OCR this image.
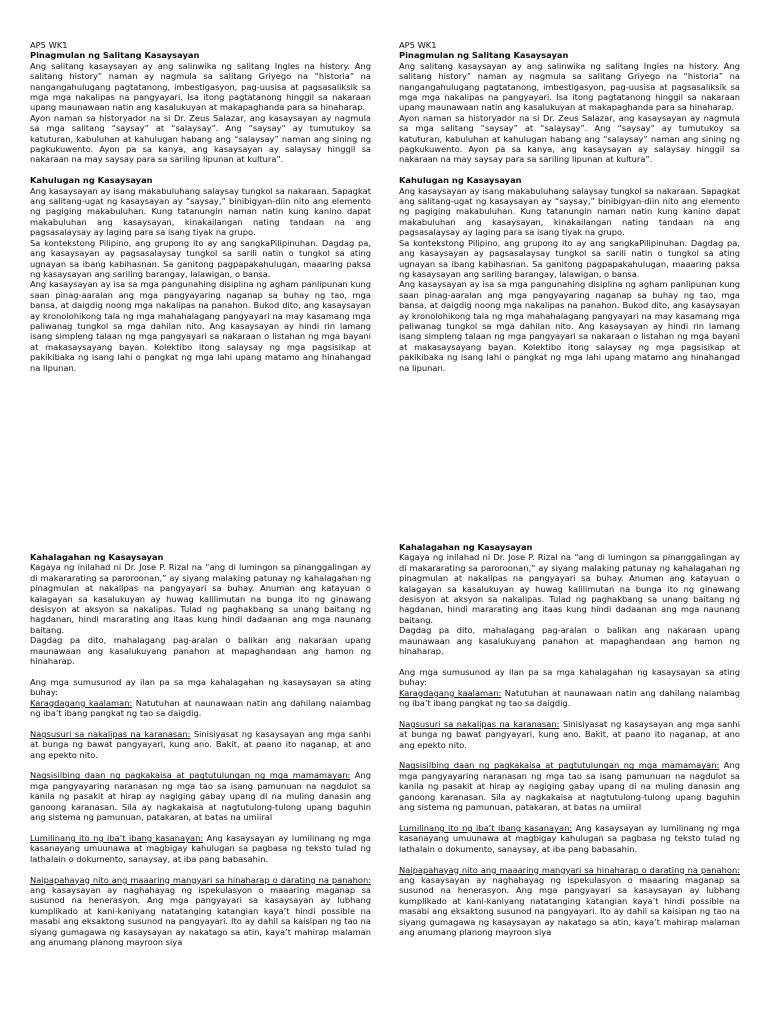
AP5 WK1
Pinagmulan ng Salitang Kasaysayan

Ang salitang kasaysayan ay ang salinwika ng salitang Ingles na history. Ang salitang history” naman ay nagmula sa salitang Griyego na “historia” na nangangahulugang pagtatanong, imbestigasyon, pag-uusisa at pagsasaliksik sa mga mga nakalipas na pangyayari. Isa itong pagtatanong hinggil sa nakaraan upang maunawaan natin ang kasalukuyan at makapaghanda para sa hinaharap.

Ayon naman sa historyador na si Dr. Zeus Salazar, ang kasaysayan ay nagmula sa mga salitang “saysay” at “salaysay”. Ang “saysay” ay tumutukoy sa katuturan, kabuluhan at kahulugan habang ang “salaysay” naman ang sining ng pagkukuwento. Ayon pa sa kanya, ang kasaysayan ay salaysay hinggil sa nakaraan na may saysay para sa sariling lipunan at kultura”.

Kahulugan ng Kasaysayan

Ang kasaysayan ay isang makabuluhang salaysay tungkol sa nakaraan. Sapagkat ang salitang-ugat ng kasaysayan ay “saysay,” binibigyan-diin nito ang elemento ng pagiging makabuluhan. Kung tatanungin naman natin kung kanino dapat makabuluhan ang kasaysayan, kinakailangan nating tandaan na ang pagsasalaysay ay laging para sa isang tiyak na grupo.

Sa kontekstong Pilipino, ang grupong ito ay ang sangkaPilipinuhan. Dagdag pa, ang kasaysayan ay pagsasalaysay tungkol sa sarili natin o tungkol sa ating ugnayan sa ibang kabihasnan. Sa ganitong pagpapakahulugan, maaaring paksa ng kasaysayan ang sariling barangay, lalawigan, o bansa.

Ang kasaysayan ay isa sa mga pangunahing disiplina ng agham panlipunan kung saan pinag-aaralan ang mga pangyayaring naganap sa buhay ng tao, mga bansa, at daigdig noong mga nakalipas na panahon. Bukod dito, ang kasaysayan ay kronolohikong tala ng mga mahahalagang pangyayari na may kasamang mga paliwanag tungkol sa mga dahilan nito. Ang kasaysayan ay hindi rin lamang isang simpleng talaan ng mga pangyayari sa nakaraan o listahan ng mga bayani at makasaysayang bayan. Kolektibo itong salaysay ng mga pagsisikap at pakikibaka ng isang lahi o pangkat ng mga lahi upang matamo ang hinahangad na lipunan.

AP5 WK1
Pinagmulan ng Salitang Kasaysayan

Ang salitang kasaysayan ay ang salinwika ng salitang Ingles na history. Ang salitang history” naman ay nagmula sa salitang Griyego na “historia” na nangangahulugang pagtatanong, imbestigasyon, pag-uusisa at pagsasaliksik sa mga mga nakalipas na pangyayari. Isa itong pagtatanong hinggil sa nakaraan upang maunawaan natin ang kasalukuyan at makapaghanda para sa hinaharap.

Ayon naman sa historyador na si Dr. Zeus Salazar, ang kasaysayan ay nagmula sa mga salitang “saysay” at “salaysay”. Ang “saysay” ay tumutukoy sa katuturan, kabuluhan at kahulugan habang ang “salaysay” naman ang sining ng pagkukuwento. Ayon pa sa kanya, ang kasaysayan ay salaysay hinggil sa nakaraan na may saysay para sa sariling lipunan at kultura”.

Kahulugan ng Kasaysayan

Ang kasaysayan ay isang makabuluhang salaysay tungkol sa nakaraan. Sapagkat ang salitang-ugat ng kasaysayan ay “saysay,” binibigyan-diin nito ang elemento ng pagiging makabuluhan. Kung tatanungin naman natin kung kanino dapat makabuluhan ang kasaysayan, kinakailangan nating tandaan na ang pagsasalaysay ay laging para sa isang tiyak na grupo.

Sa kontekstong Pilipino, ang grupong ito ay ang sangkaPilipinuhan. Dagdag pa, ang kasaysayan ay pagsasalaysay tungkol sa sarili natin o tungkol sa ating ugnayan sa ibang kabihasnan. Sa ganitong pagpapakahulugan, maaaring paksa ng kasaysayan ang sariling barangay, lalawigan, o bansa.

Ang kasaysayan ay isa sa mga pangunahing disiplina ng agham panlipunan kung saan pinag-aaralan ang mga pangyayaring naganap sa buhay ng tao, mga bansa, at daigdig noong mga nakalipas na panahon. Bukod dito, ang kasaysayan ay kronolohikong tala ng mga mahahalagang pangyayari na may kasamang mga paliwanag tungkol sa mga dahilan nito. Ang kasaysayan ay hindi rin lamang isang simpleng talaan ng mga pangyayari sa nakaraan o listahan ng mga bayani at makasaysayang bayan. Kolektibo itong salaysay ng mga pagsisikap at pakikibaka ng isang lahi o pangkat ng mga lahi upang matamo ang hinahangad na lipunan.

Kahalagahan ng Kasaysayan

Kagaya ng inilahad ni Dr. Jose P. Rizal na “ang di lumingon sa pinanggalingan ay di makararating sa paroroonan,” ay siyang malaking patunay ng kahalagahan ng pinagmulan at nakalipas na pangyayari sa buhay. Anuman ang katayuan o kalagayan sa kasalukuyan ay huwag kalilimutan na bunga ito ng ginawang desisyon at aksyon sa nakalipas. Tulad ng paghakbang sa unang baitang ng hagdanan, hindi mararating ang itaas kung hindi dadaanan ang mga naunang baitang.

Dagdag pa dito, mahalagang pag-aralan o balikan ang nakaraan upang maunawaan ang kasalukuyang panahon at mapaghandaan ang hamon ng hinaharap.

Ang mga sumusunod ay ilan pa sa mga kahalagahan ng kasaysayan sa ating buhay:

Karagdagang kaalaman: Natutuhan at naunawaan natin ang dahilang naiambag ng iba’t ibang pangkat ng tao sa daigdig.

Nagsusuri sa nakalipas na karanasan: Sinisiyasat ng kasaysayan ang mga sanhi at bunga ng bawat pangyayari, kung ano. Bakit, at paano ito naganap, at ano ang epekto nito.

Nagsisilbing daan ng pagkakaisa at pagtutulungan ng mga mamamayan: Ang mga pangyayaring naranasan ng mga tao sa isang pamunuan na nagdulot sa kanila ng pasakit at hirap ay nagiging gabay upang di na muling danasin ang ganoong karanasan. Sila ay nagkakaisa at nagtutulong-tulong upang baguhin ang sistema ng pamunuan, patakaran, at batas na umiiral

Lumilinang ito ng iba’t ibang kasanayan: Ang kasaysayan ay lumilinang ng mga kasanayang umuunawa at magbigay kahulugan sa pagbasa ng teksto tulad ng lathalain o dokumento, sanaysay, at iba pang babasahin.

Naipapahayag nito ang maaaring mangyari sa hinaharap o darating na panahon: ang kasaysayan ay naghahayag ng ispekulasyon o maaaring maganap sa susunod na henerasyon. Ang mga pangyayari sa kasaysayan ay lubhang kumplikado at kani-kaniyang natatanging katangian kaya’t hindi possible na masabi ang eksaktong susunod na pangyayari. Ito ay dahil sa kaisipan ng tao na siyang gumagawa ng kasaysayan ay nakatago sa atin, kaya’t mahirap malaman ang anumang planong mayroon siya

Kahalagahan ng Kasaysayan

Kagaya ng inilahad ni Dr. Jose P. Rizal na “ang di lumingon sa pinanggalingan ay di makararating sa paroroonan,” ay siyang malaking patunay ng kahalagahan ng pinagmulan at nakalipas na pangyayari sa buhay. Anuman ang katayuan o kalagayan sa kasalukuyan ay huwag kalilimutan na bunga ito ng ginawang desisyon at aksyon sa nakalipas. Tulad ng paghakbang sa unang baitang ng hagdanan, hindi mararating ang itaas kung hindi dadaanan ang mga naunang baitang.

Dagdag pa dito, mahalagang pag-aralan o balikan ang nakaraan upang maunawaan ang kasalukuyang panahon at mapaghandaan ang hamon ng hinaharap.

Ang mga sumusunod ay ilan pa sa mga kahalagahan ng kasaysayan sa ating buhay:

Karagdagang kaalaman: Natutuhan at naunawaan natin ang dahilang naiambag ng iba’t ibang pangkat ng tao sa daigdig.

Nagsusuri sa nakalipas na karanasan: Sinisiyasat ng kasaysayan ang mga sanhi at bunga ng bawat pangyayari, kung ano. Bakit, at paano ito naganap, at ano ang epekto nito.

Nagsisilbing daan ng pagkakaisa at pagtutulungan ng mga mamamayan: Ang mga pangyayaring naranasan ng mga tao sa isang pamunuan na nagdulot sa kanila ng pasakit at hirap ay nagiging gabay upang di na muling danasin ang ganoong karanasan. Sila ay nagkakaisa at nagtutulong-tulong upang baguhin ang sistema ng pamunuan, patakaran, at batas na umiiral

Lumilinang ito ng iba’t ibang kasanayan: Ang kasaysayan ay lumilinang ng mga kasanayang umuunawa at magbigay kahulugan sa pagbasa ng teksto tulad ng lathalain o dokumento, sanaysay, at iba pang babasahin.

Naipapahayag nito ang maaaring mangyari sa hinaharap o darating na panahon: ang kasaysayan ay naghahayag ng ispekulasyon o maaaring maganap sa susunod na henerasyon. Ang mga pangyayari sa kasaysayan ay lubhang kumplikado at kani-kaniyang natatanging katangian kaya’t hindi possible na masabi ang eksaktong susunod na pangyayari. Ito ay dahil sa kaisipan ng tao na siyang gumagawa ng kasaysayan ay nakatago sa atin, kaya’t mahirap malaman ang anumang planong mayroon siya
